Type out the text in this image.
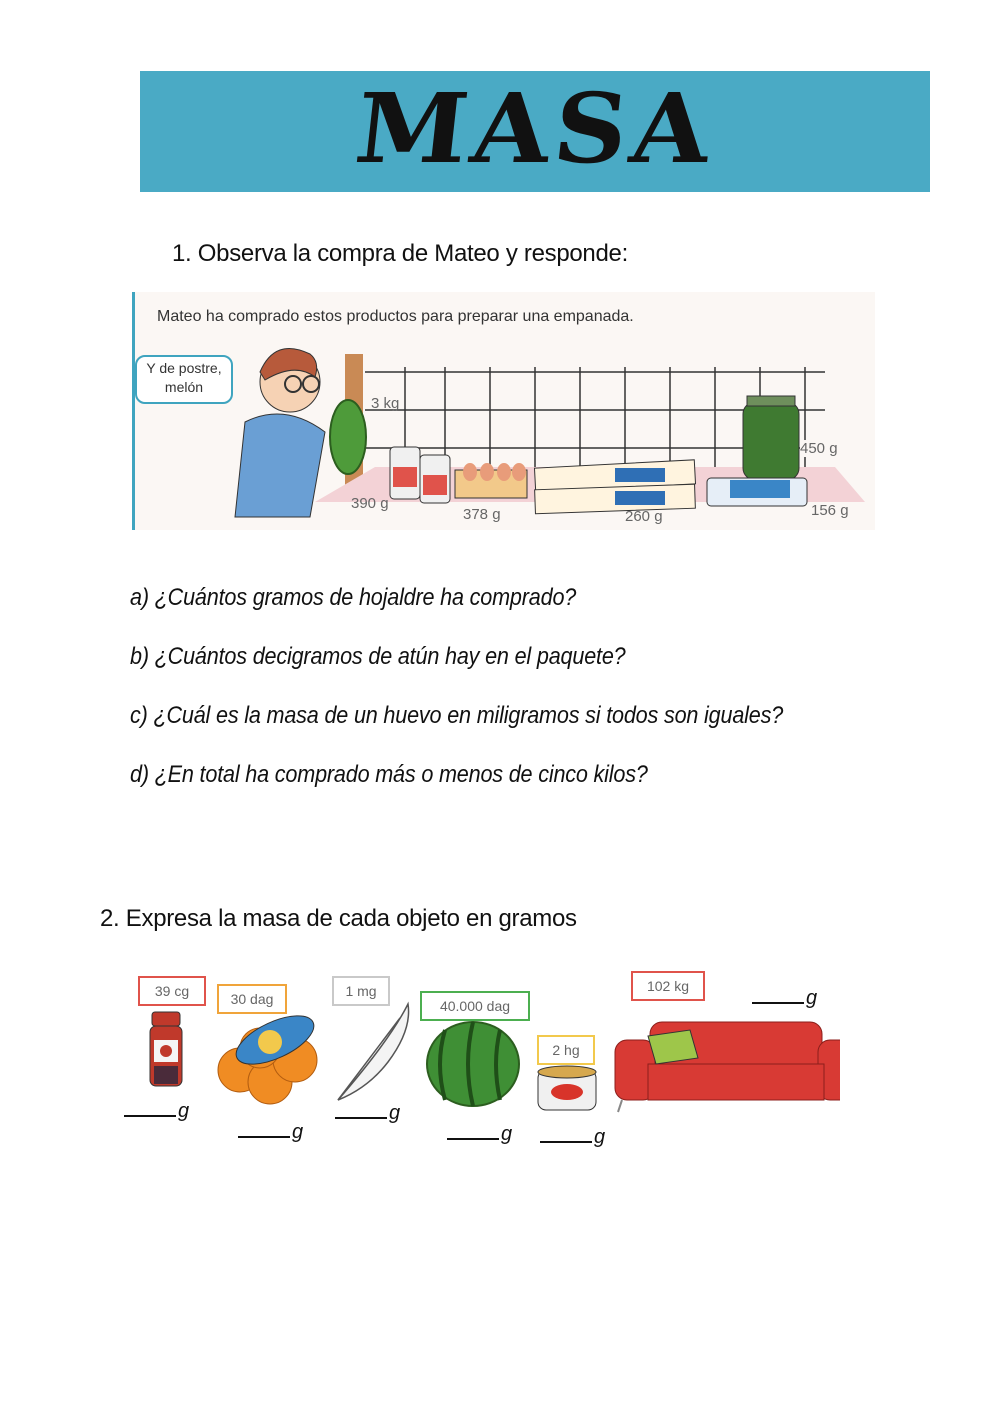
MASA
1. Observa la compra de Mateo y responde:
Mateo ha comprado estos productos para preparar una empanada.
Y de postre,
melón
3 kg
450 g
390 g
378 g	260 g	156 g
a) ¿Cuántos gramos de hojaldre ha comprado?
b) ¿Cuántos decigramos de atún hay en el paquete?
c) ¿Cuál es la masa de un huevo en miligramos si todos son iguales?
d) ¿En total ha comprado más o menos de cinco kilos?
2. Expresa la masa de cada objeto en gramos
39 cg	30 dag	1 mg
40.000 dag
2 hg
102 kg
g
g
g
g	g
g
